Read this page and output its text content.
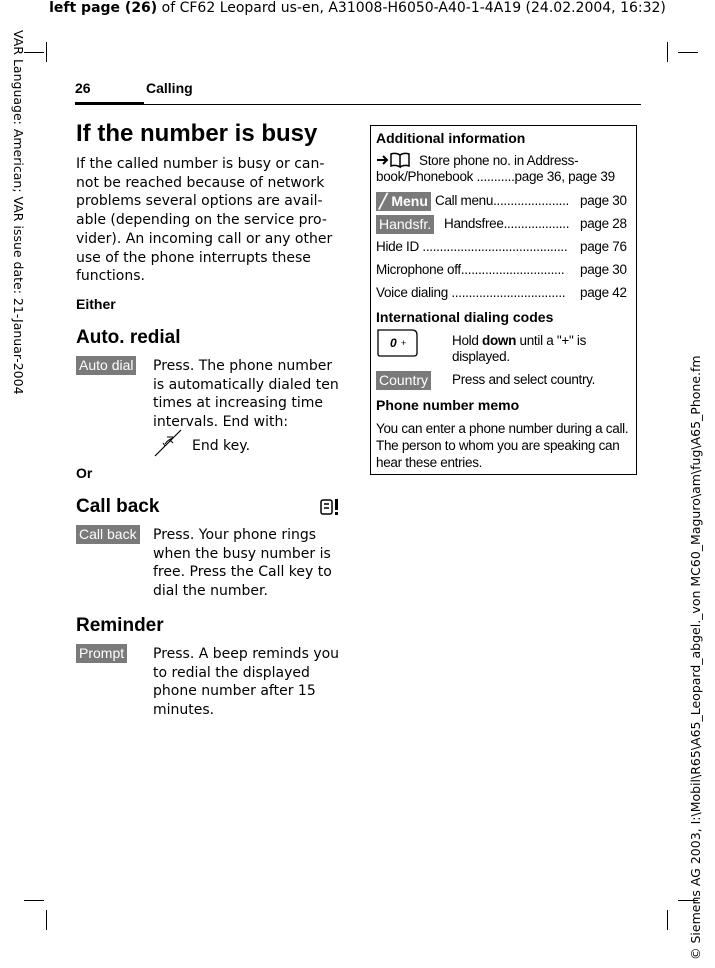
left page (26) of CF62 Leopard us-en, A31008-H6050-A40-1-4A19 (24.02.2004, 16:32)
VAR Language: American; VAR issue date: 21-Januar-2004
© Siemens AG 2003, I:\Mobil\R65\A65_Leopard_abgel._von MC60_Maguro\am\fug\A65_Phone.fm
26	Calling
If the number is busy
If the called number is busy or can-not be reached because of network problems several options are avail-able (depending on the service pro-vider). An incoming call or any other use of the phone interrupts these functions.
Either
Auto. redial
Auto dial Press. The phone number is automatically dialed ten times at increasing time intervals. End with:
End key.
Or
Call back
Call back Press. Your phone rings when the busy number is free. Press the Call key to dial the number.
Reminder
Prompt Press. A beep reminds you to redial the displayed phone number after 15 minutes.
Additional information
Store phone no. in Address-
book/Phonebook ...........page 36, page 39
╱ Menu Call menu...................... page 30
Handsfr. Handsfree................... page 28
Hide ID .......................................... page 76
Microphone off..............................	page 30
Voice dialing .................................	page 42
International dialing codes
0 +	Hold down until a "+" is displayed.
Country Press and select country.
Phone number memo
You can enter a phone number during a call. The person to whom you are speaking can hear these entries.
